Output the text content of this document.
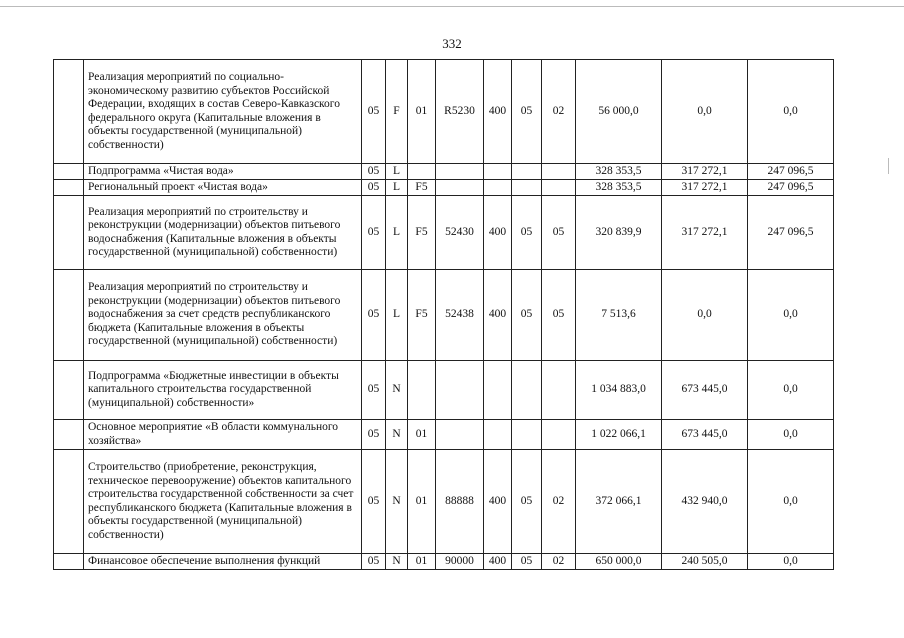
332
	Реализация мероприятий по социально-экономическому развитию субъектов Российской Федерации, входящих в состав Северо-Кавказского федерального округа (Капитальные вложения в объекты государственной (муниципальной) собственности)	05	F	01	R5230	400	05	02	56 000,0	0,0	0,0
	Подпрограмма «Чистая вода»	05	L						328 353,5	317 272,1	247 096,5
	Региональный проект «Чистая вода»	05	L	F5					328 353,5	317 272,1	247 096,5
	Реализация мероприятий по строительству и реконструкции (модернизации) объектов питьевого водоснабжения (Капитальные вложения в объекты государственной (муниципальной) собственности)	05	L	F5	52430	400	05	05	320 839,9	317 272,1	247 096,5
	Реализация мероприятий по строительству и реконструкции (модернизации) объектов питьевого водоснабжения за счет средств республиканского бюджета (Капитальные вложения в объекты государственной (муниципальной) собственности)	05	L	F5	52438	400	05	05	7 513,6	0,0	0,0
	Подпрограмма «Бюджетные инвестиции в объекты капитального строительства государственной (муниципальной) собственности»	05	N						1 034 883,0	673 445,0	0,0
	Основное мероприятие «В области коммунального хозяйства»	05	N	01					1 022 066,1	673 445,0	0,0
	Строительство (приобретение, реконструкция, техническое перевооружение) объектов капитального строительства государственной собственности за счет республиканского бюджета (Капитальные вложения в объекты государственной (муниципальной) собственности)	05	N	01	88888	400	05	02	372 066,1	432 940,0	0,0
	Финансовое обеспечение выполнения функций	05	N	01	90000	400	05	02	650 000,0	240 505,0	0,0
